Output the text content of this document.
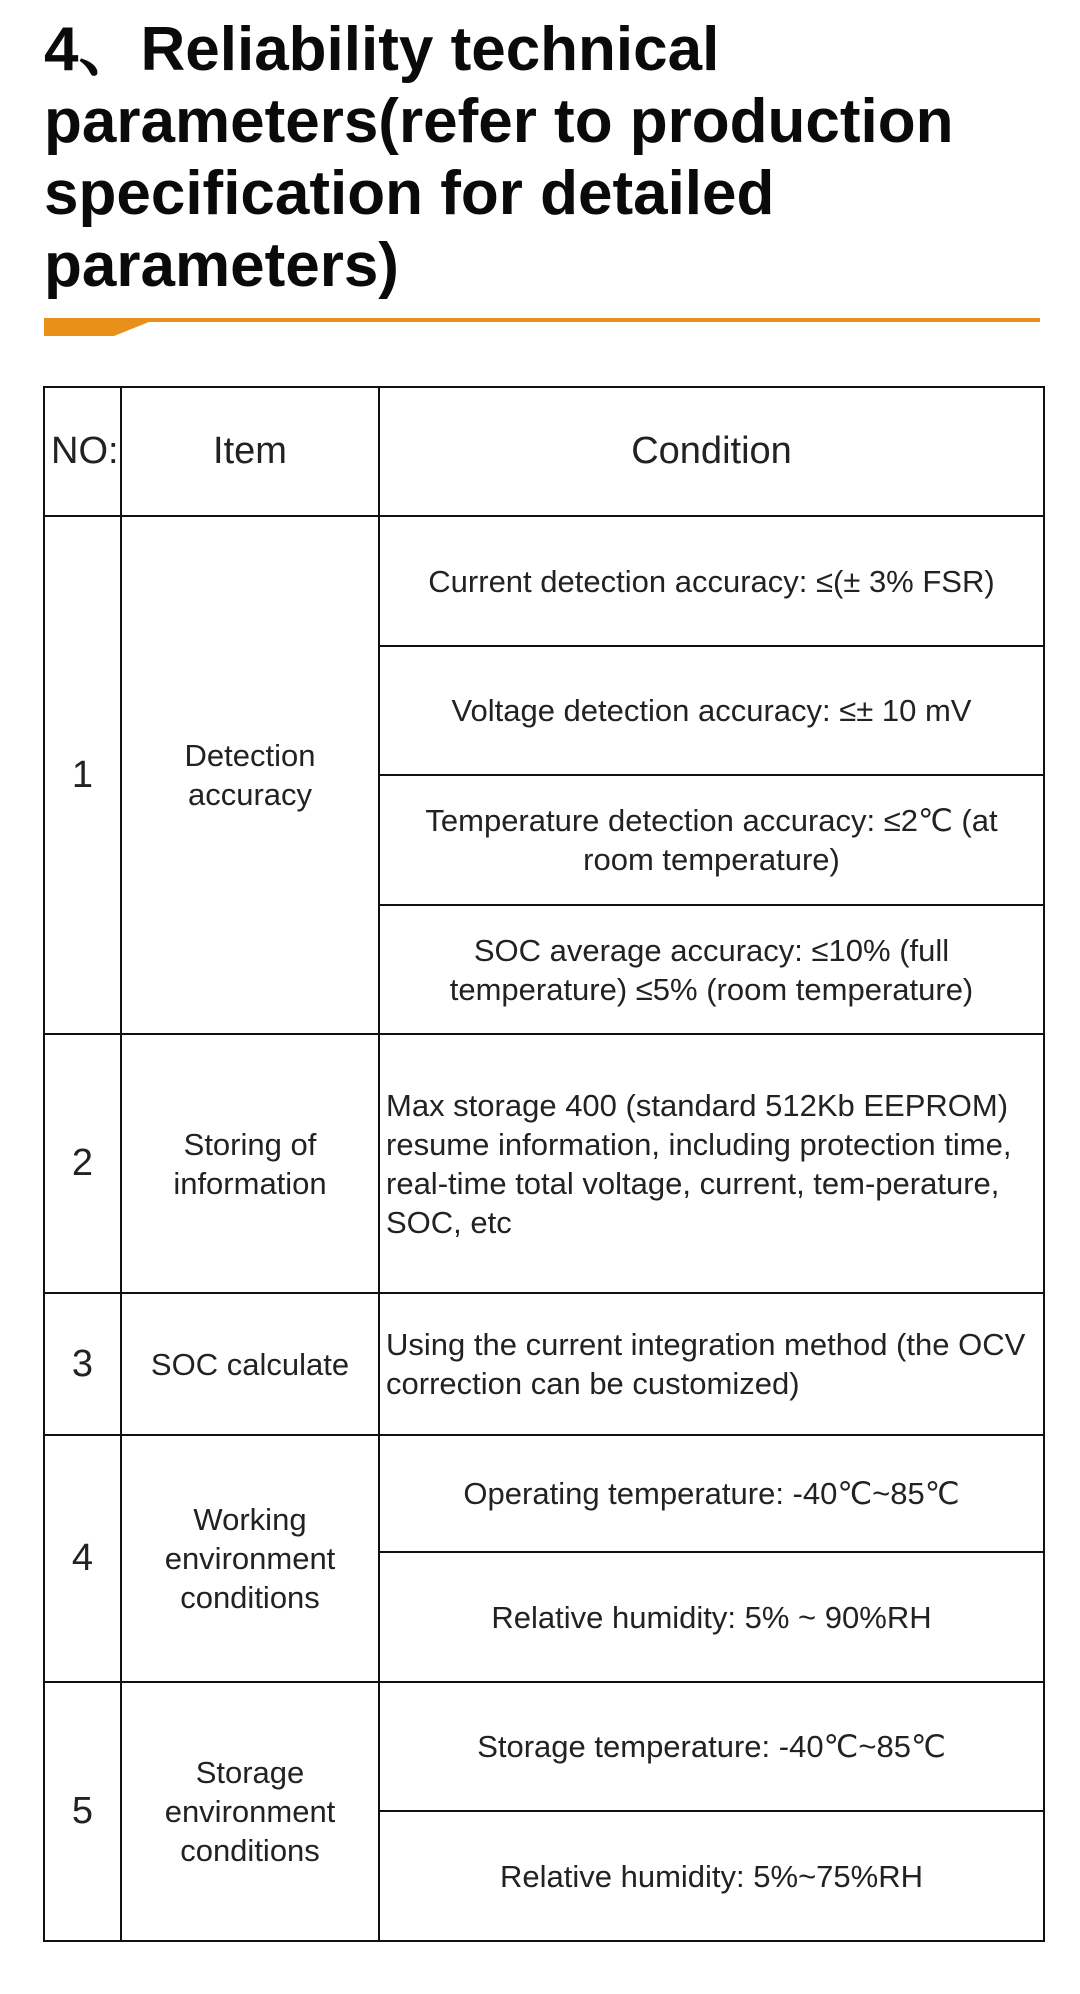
4、Reliability technical parameters(refer to production specification for detailed parameters)
NO:	Item	Condition
1	Detection accuracy	Current detection accuracy: ≤(± 3% FSR)
		Voltage detection accuracy: ≤± 10 mV
		Temperature detection accuracy: ≤2℃ (at room temperature)
		SOC average accuracy: ≤10% (full temperature) ≤5% (room temperature)
2	Storing of information	Max storage 400 (standard 512Kb EEPROM) resume information, including protection time, real-time total voltage, current, tem-perature, SOC, etc
3	SOC calculate	Using the current integration method (the OCV correction can be customized)
4	Working environment conditions	Operating temperature: -40℃~85℃
		Relative humidity: 5% ~ 90%RH
5	Storage environment conditions	Storage temperature: -40℃~85℃
		Relative humidity: 5%~75%RH
